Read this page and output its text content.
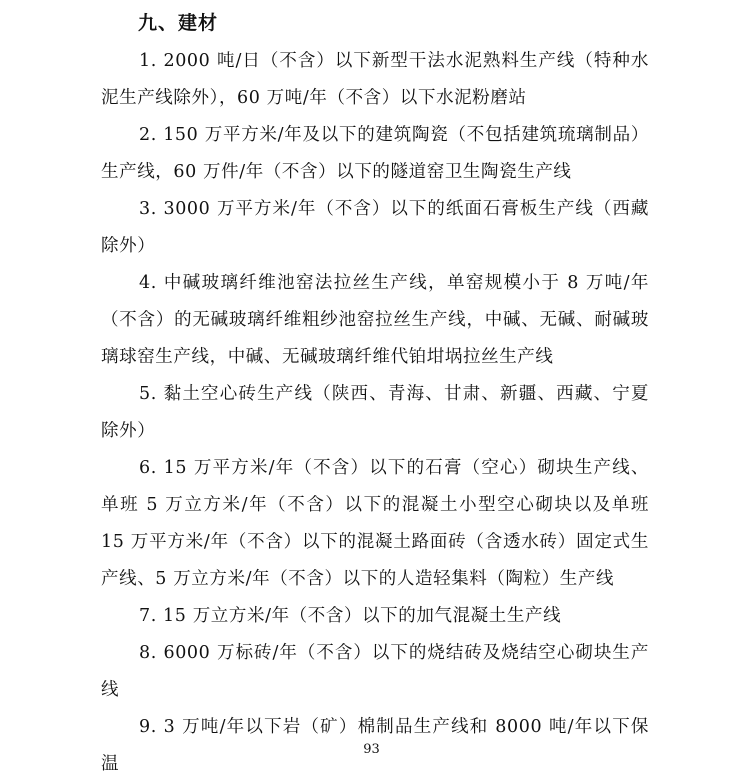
九、建材

1. 2000 吨/日（不含）以下新型干法水泥熟料生产线（特种水泥生产线除外），60 万吨/年（不含）以下水泥粉磨站

2. 150 万平方米/年及以下的建筑陶瓷（不包括建筑琉璃制品）生产线，60 万件/年（不含）以下的隧道窑卫生陶瓷生产线

3. 3000 万平方米/年（不含）以下的纸面石膏板生产线（西藏除外）

4. 中碱玻璃纤维池窑法拉丝生产线，单窑规模小于 8 万吨/年（不含）的无碱玻璃纤维粗纱池窑拉丝生产线，中碱、无碱、耐碱玻璃球窑生产线，中碱、无碱玻璃纤维代铂坩埚拉丝生产线

5. 黏土空心砖生产线（陕西、青海、甘肃、新疆、西藏、宁夏除外）

6. 15 万平方米/年（不含）以下的石膏（空心）砌块生产线、单班 5 万立方米/年（不含）以下的混凝土小型空心砌块以及单班 15 万平方米/年（不含）以下的混凝土路面砖（含透水砖）固定式生产线、5 万立方米/年（不含）以下的人造轻集料（陶粒）生产线

7. 15 万立方米/年（不含）以下的加气混凝土生产线

8. 6000 万标砖/年（不含）以下的烧结砖及烧结空心砌块生产线

9. 3 万吨/年以下岩（矿）棉制品生产线和 8000 吨/年以下保温

93
